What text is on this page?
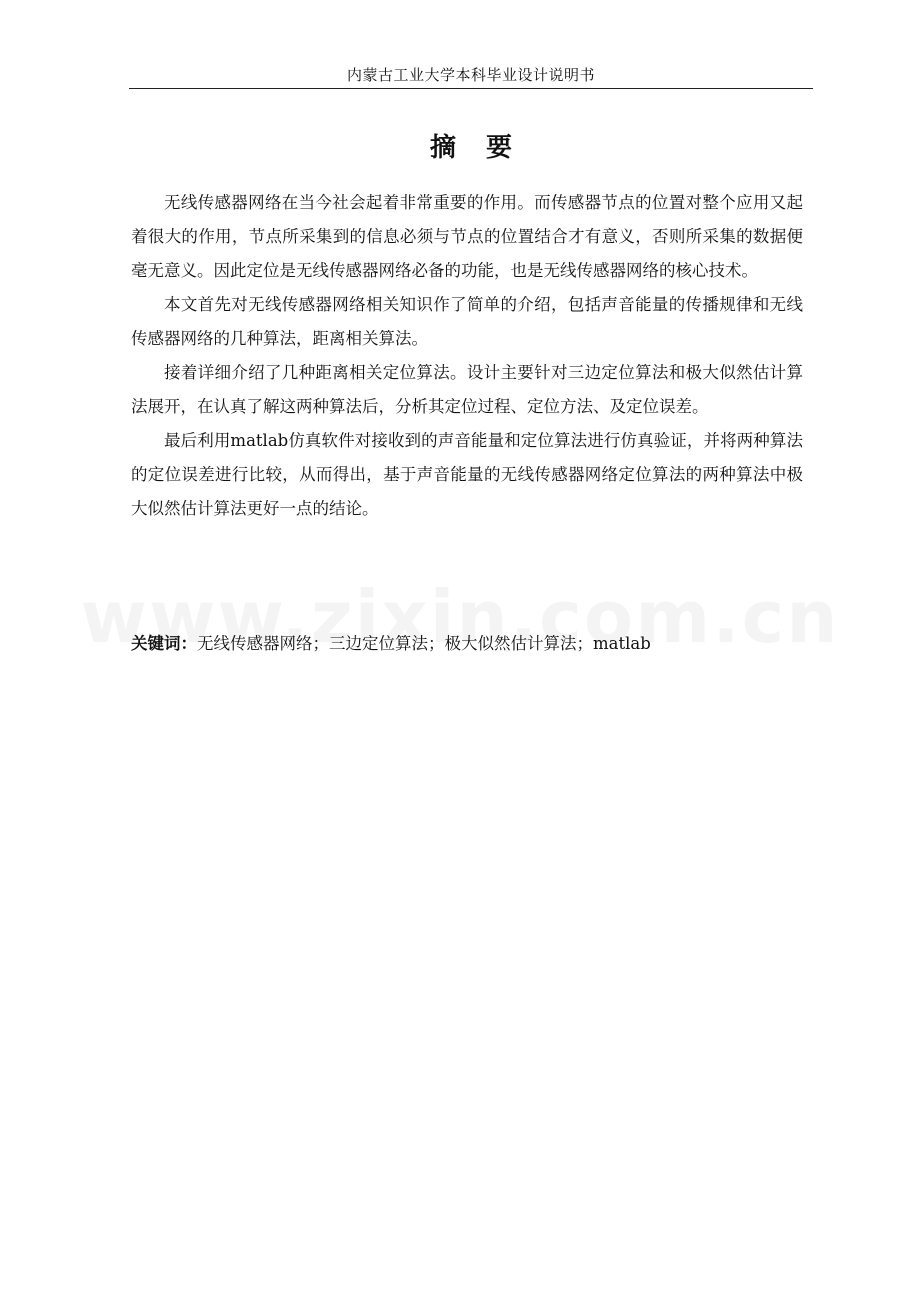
内蒙古工业大学本科毕业设计说明书
摘 要

无线传感器网络在当今社会起着非常重要的作用。而传感器节点的位置对整个应用又起着很大的作用，节点所采集到的信息必须与节点的位置结合才有意义，否则所采集的数据便毫无意义。因此定位是无线传感器网络必备的功能，也是无线传感器网络的核心技术。

本文首先对无线传感器网络相关知识作了简单的介绍，包括声音能量的传播规律和无线传感器网络的几种算法，距离相关算法。

接着详细介绍了几种距离相关定位算法。设计主要针对三边定位算法和极大似然估计算法展开，在认真了解这两种算法后，分析其定位过程、定位方法、及定位误差。

最后利用matlab仿真软件对接收到的声音能量和定位算法进行仿真验证，并将两种算法的定位误差进行比较，从而得出，基于声音能量的无线传感器网络定位算法的两种算法中极大似然估计算法更好一点的结论。

关键词：无线传感器网络；三边定位算法；极大似然估计算法；matlab
